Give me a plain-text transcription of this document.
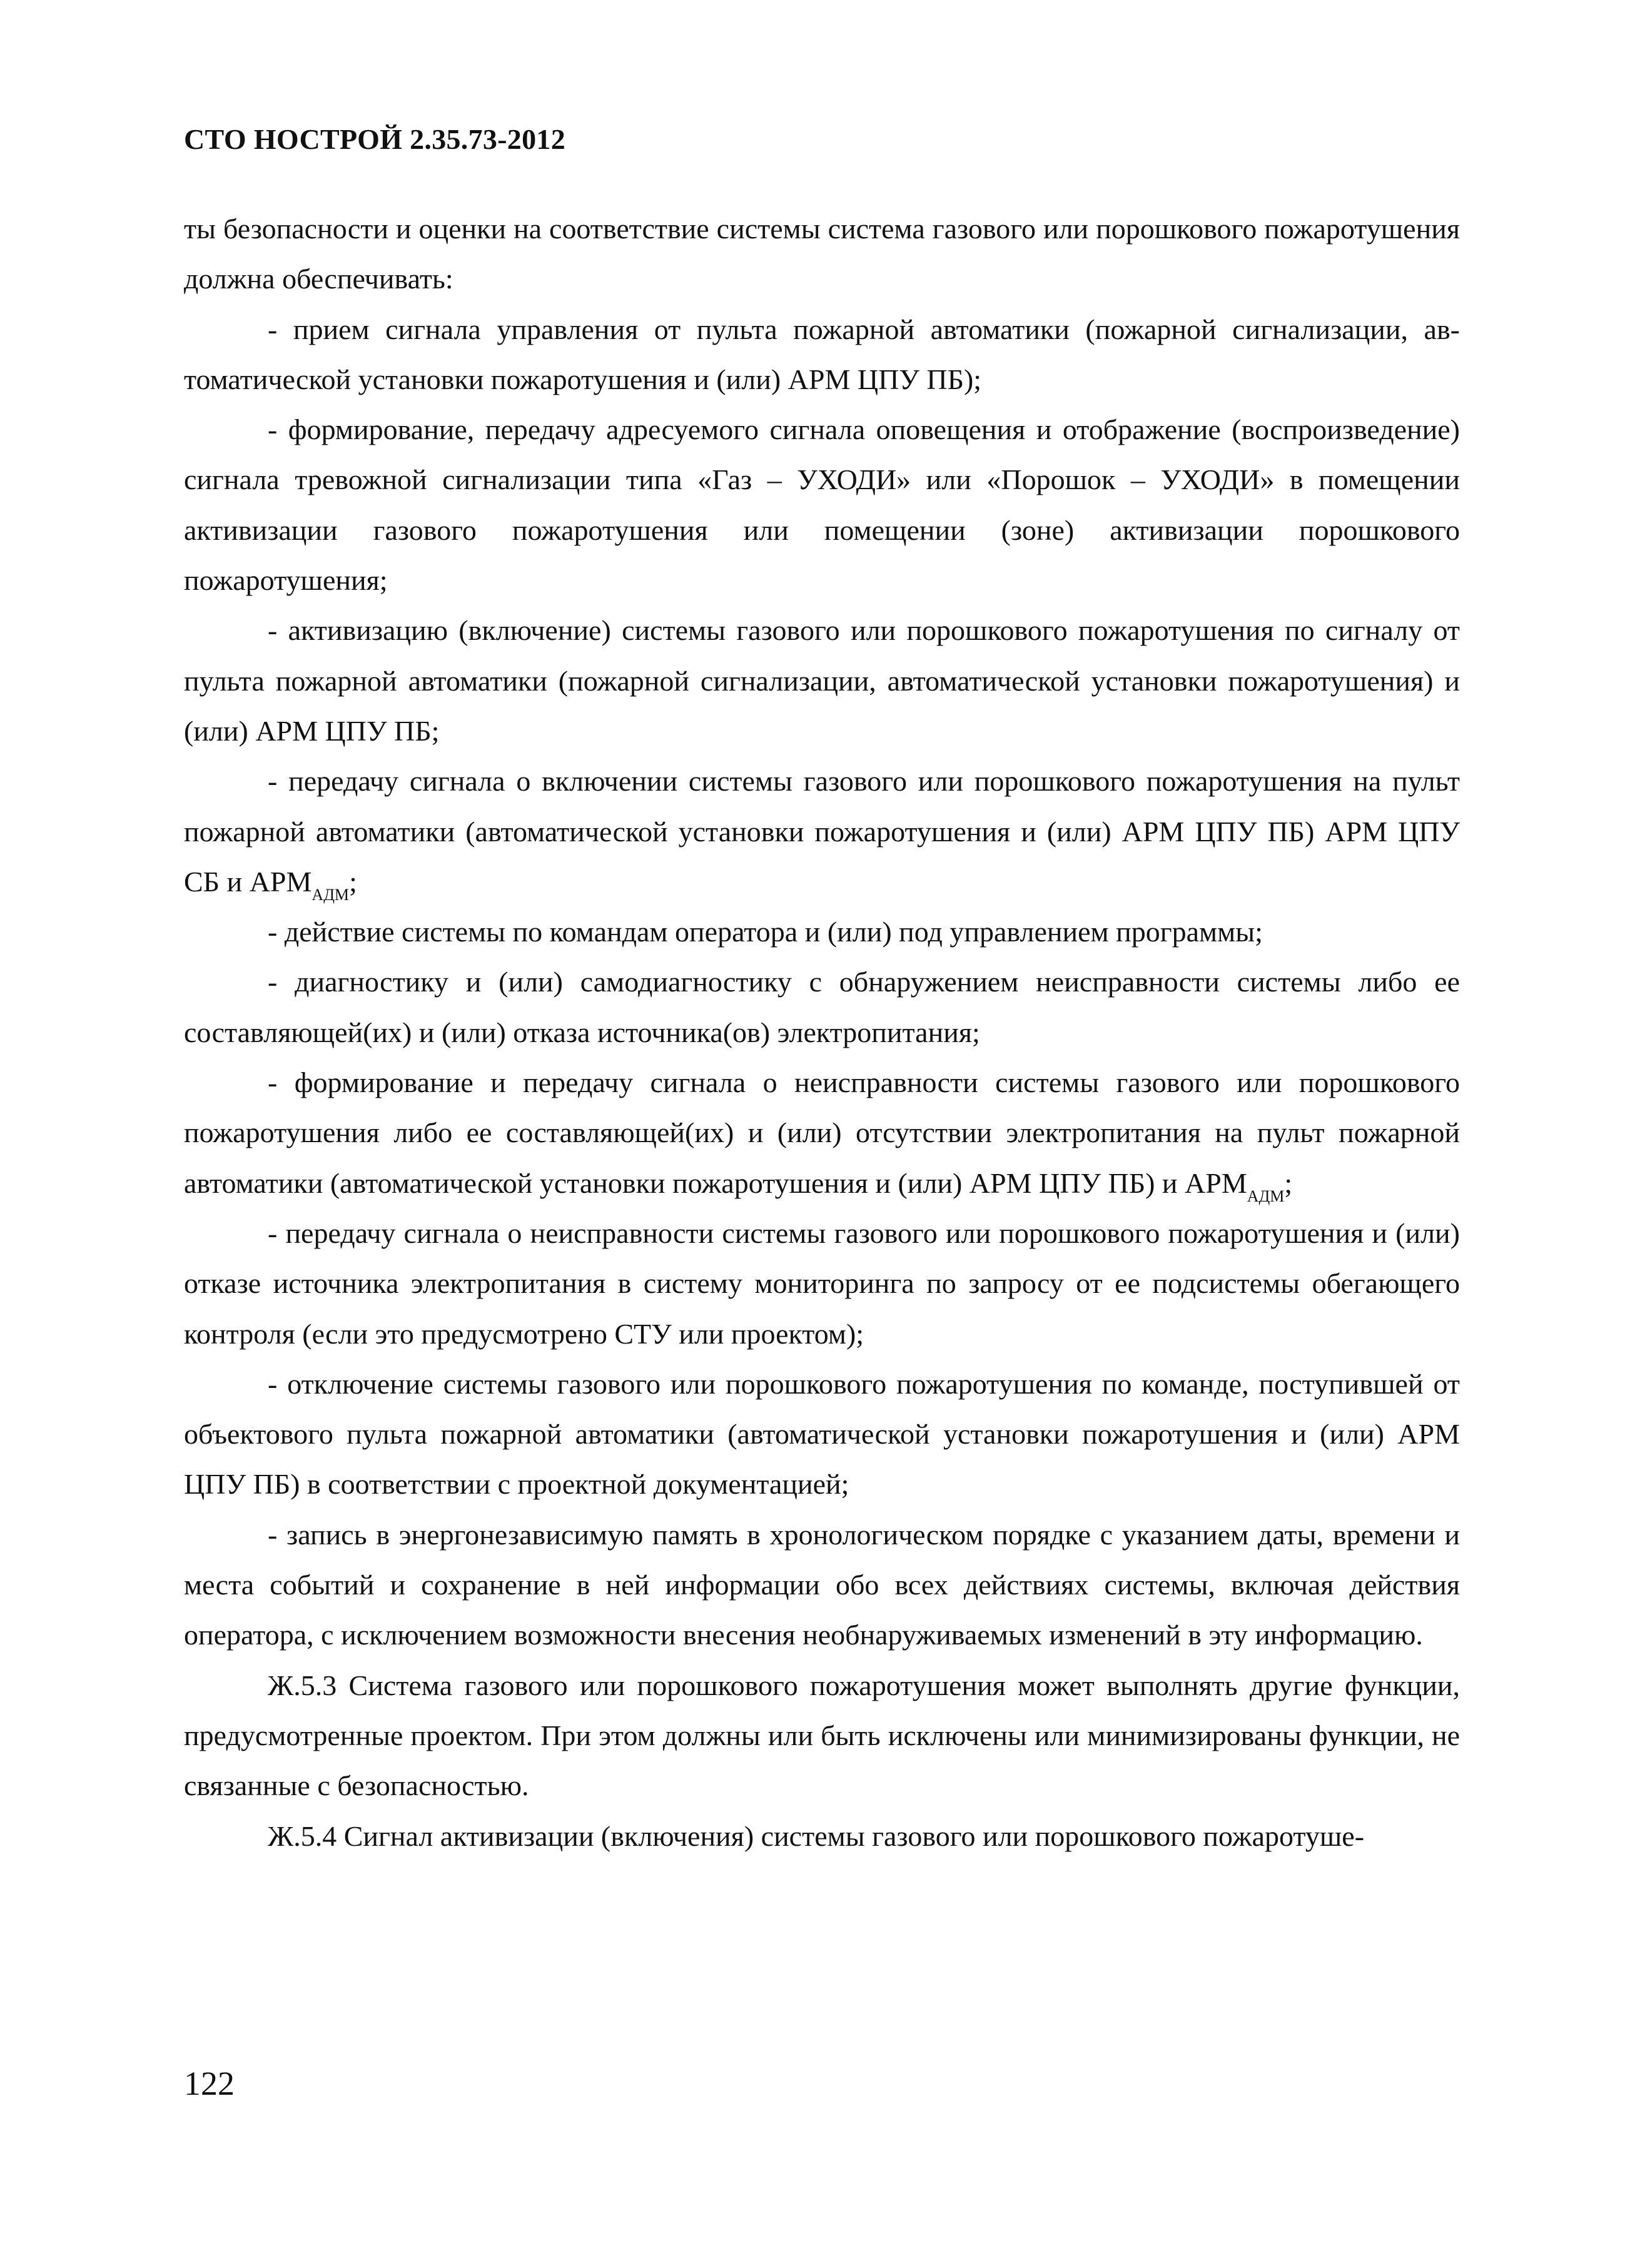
СТО НОСТРОЙ 2.35.73-2012

ты безопасности и оценки на соответствие системы система газового или порошкового пожаротушения должна обеспечивать:

- прием сигнала управления от пульта пожарной автоматики (пожарной сигнализации, автоматической установки пожаротушения и (или) АРМ ЦПУ ПБ);

- формирование, передачу адресуемого сигнала оповещения и отображение (воспроизведение) сигнала тревожной сигнализации типа «Газ – УХОДИ» или «Порошок – УХОДИ» в помещении активизации газового пожаротушения или помещении (зоне) активизации порошкового пожаротушения;

- активизацию (включение) системы газового или порошкового пожаротушения по сигналу от пульта пожарной автоматики (пожарной сигнализации, автоматической установки пожаротушения) и (или) АРМ ЦПУ ПБ;

- передачу сигнала о включении системы газового или порошкового пожаротушения на пульт пожарной автоматики (автоматической установки пожаротушения и (или) АРМ ЦПУ ПБ) АРМ ЦПУ СБ и $АРМ_{АДМ}$;

- действие системы по командам оператора и (или) под управлением программы;

- диагностику и (или) самодиагностику с обнаружением неисправности системы либо ее составляющей(их) и (или) отказа источника(ов) электропитания;

- формирование и передачу сигнала о неисправности системы газового или порошкового пожаротушения либо ее составляющей(их) и (или) отсутствии электропитания на пульт пожарной автоматики (автоматической установки пожаротушения и (или) АРМ ЦПУ ПБ) и $АРМ_{АДМ}$;

- передачу сигнала о неисправности системы газового или порошкового пожаротушения и (или) отказе источника электропитания в систему мониторинга по запросу от ее подсистемы обегающего контроля (если это предусмотрено СТУ или проектом);

- отключение системы газового или порошкового пожаротушения по команде, поступившей от объектового пульта пожарной автоматики (автоматической установки пожаротушения и (или) АРМ ЦПУ ПБ) в соответствии с проектной документацией;

- запись в энергонезависимую память в хронологическом порядке с указанием даты, времени и места событий и сохранение в ней информации обо всех действиях системы, включая действия оператора, с исключением возможности внесения необнаруживаемых изменений в эту информацию.

Ж.5.3 Система газового или порошкового пожаротушения может выполнять другие функции, предусмотренные проектом. При этом должны или быть исключены или минимизированы функции, не связанные с безопасностью.

Ж.5.4 Сигнал активизации (включения) системы газового или порошкового пожаротуше-

122
